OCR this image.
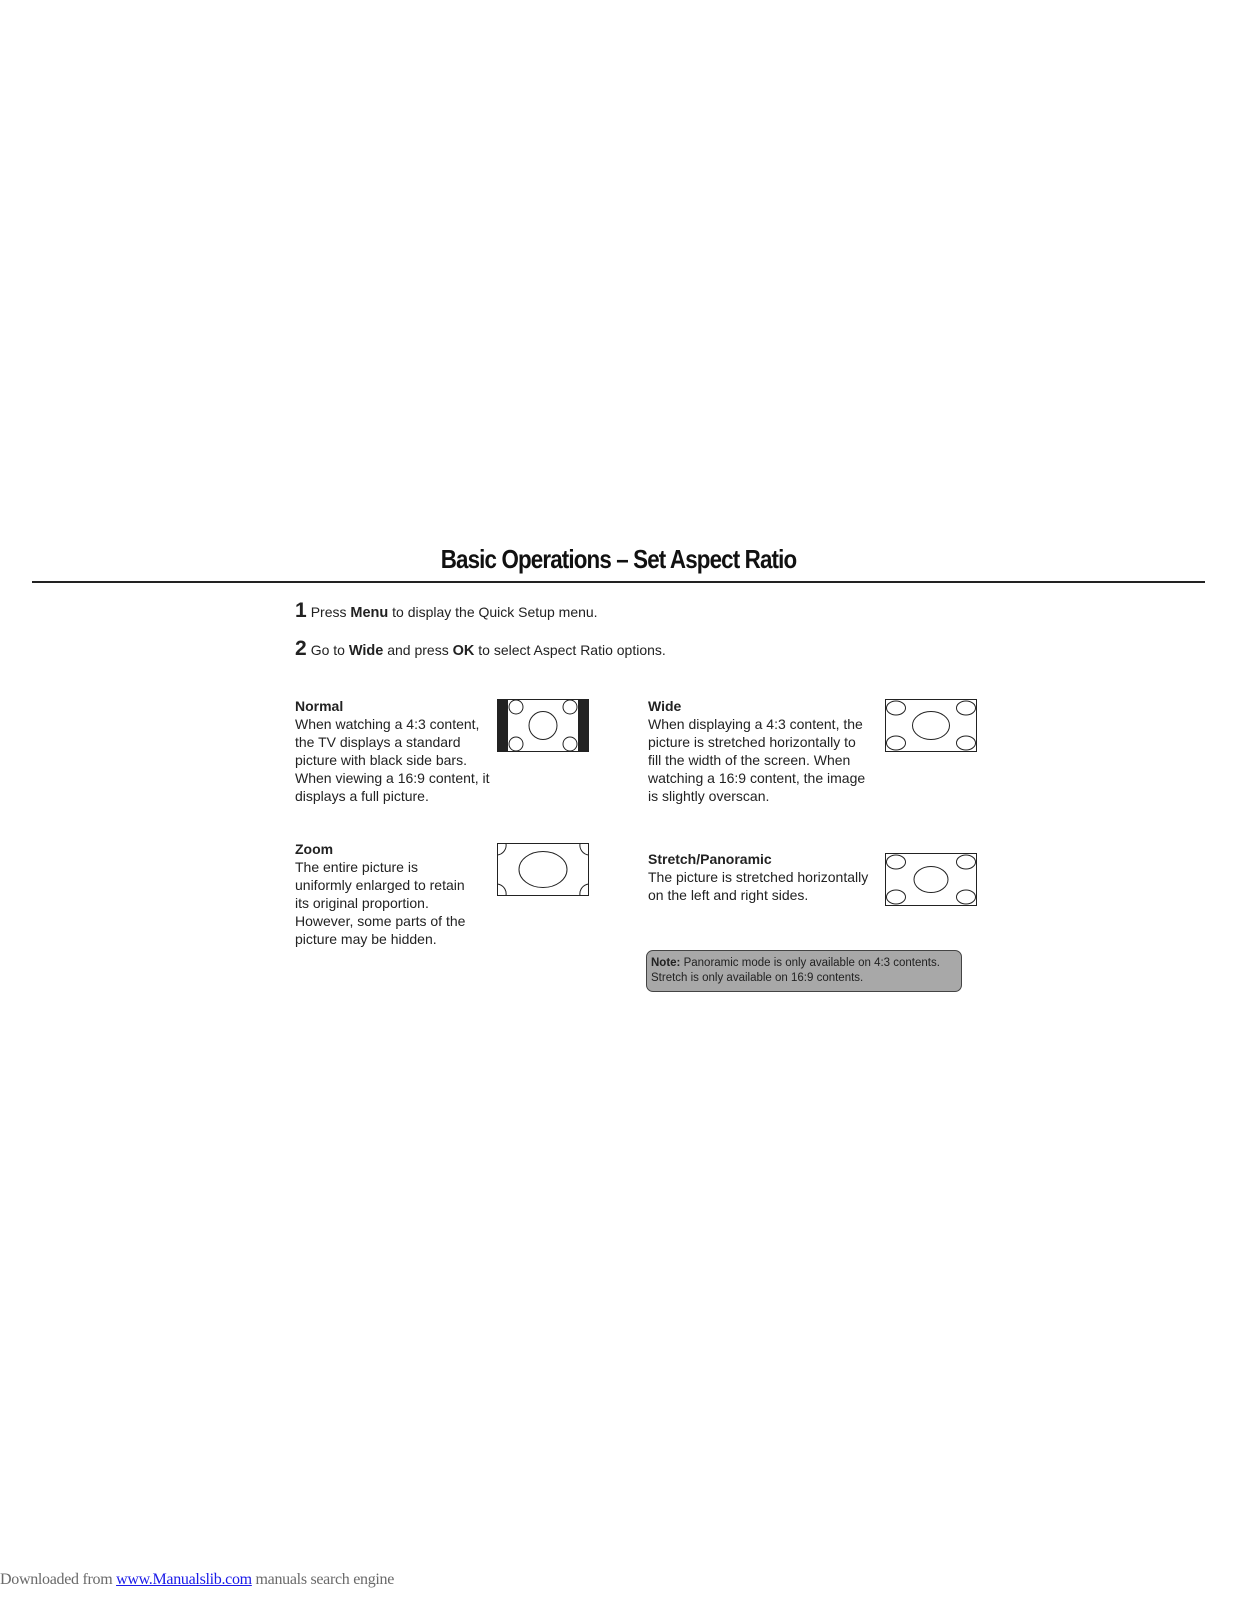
Basic Operations – Set Aspect Ratio
1 Press Menu to display the Quick Setup menu.
2 Go to Wide and press OK to select Aspect Ratio options.
Normal
When watching a 4:3 content,
the TV displays a standard
picture with black side bars.
When viewing a 16:9 content, it
displays a full picture.
Wide
When displaying a 4:3 content, the
picture is stretched horizontally to
fill the width of the screen. When
watching a 16:9 content, the image
is slightly overscan.
Zoom
The entire picture is
uniformly enlarged to retain
its original proportion.
However, some parts of the
picture may be hidden.
Stretch/Panoramic
The picture is stretched horizontally
on the left and right sides.
Note: Panoramic mode is only available on 4:3 contents.
Stretch is only available on 16:9 contents.
Downloaded from www.Manualslib.com manuals search engine
